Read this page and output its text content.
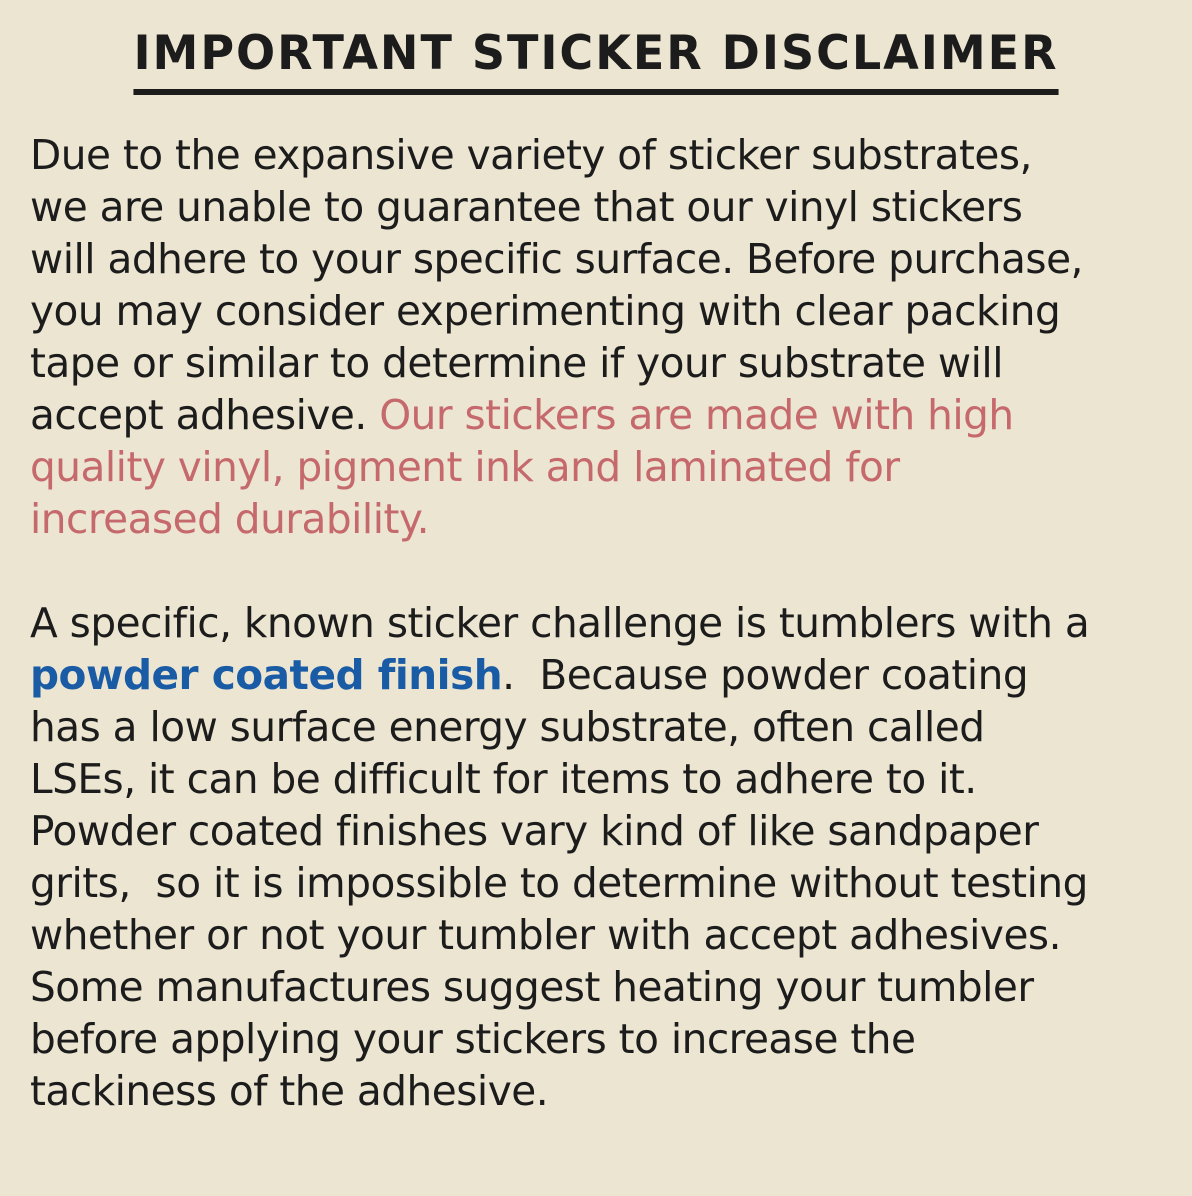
IMPORTANT STICKER DISCLAIMER
Due to the expansive variety of sticker substrates,
we are unable to guarantee that our vinyl stickers
will adhere to your specific surface. Before purchase,
you may consider experimenting with clear packing
tape or similar to determine if your substrate will
accept adhesive. Our stickers are made with high
quality vinyl, pigment ink and laminated for
increased durability.
A specific, known sticker challenge is tumblers with a
powder coated finish.  Because powder coating
has a low surface energy substrate, often called
LSEs, it can be difficult for items to adhere to it.
Powder coated finishes vary kind of like sandpaper
grits,  so it is impossible to determine without testing
whether or not your tumbler with accept adhesives.
Some manufactures suggest heating your tumbler
before applying your stickers to increase the
tackiness of the adhesive.
